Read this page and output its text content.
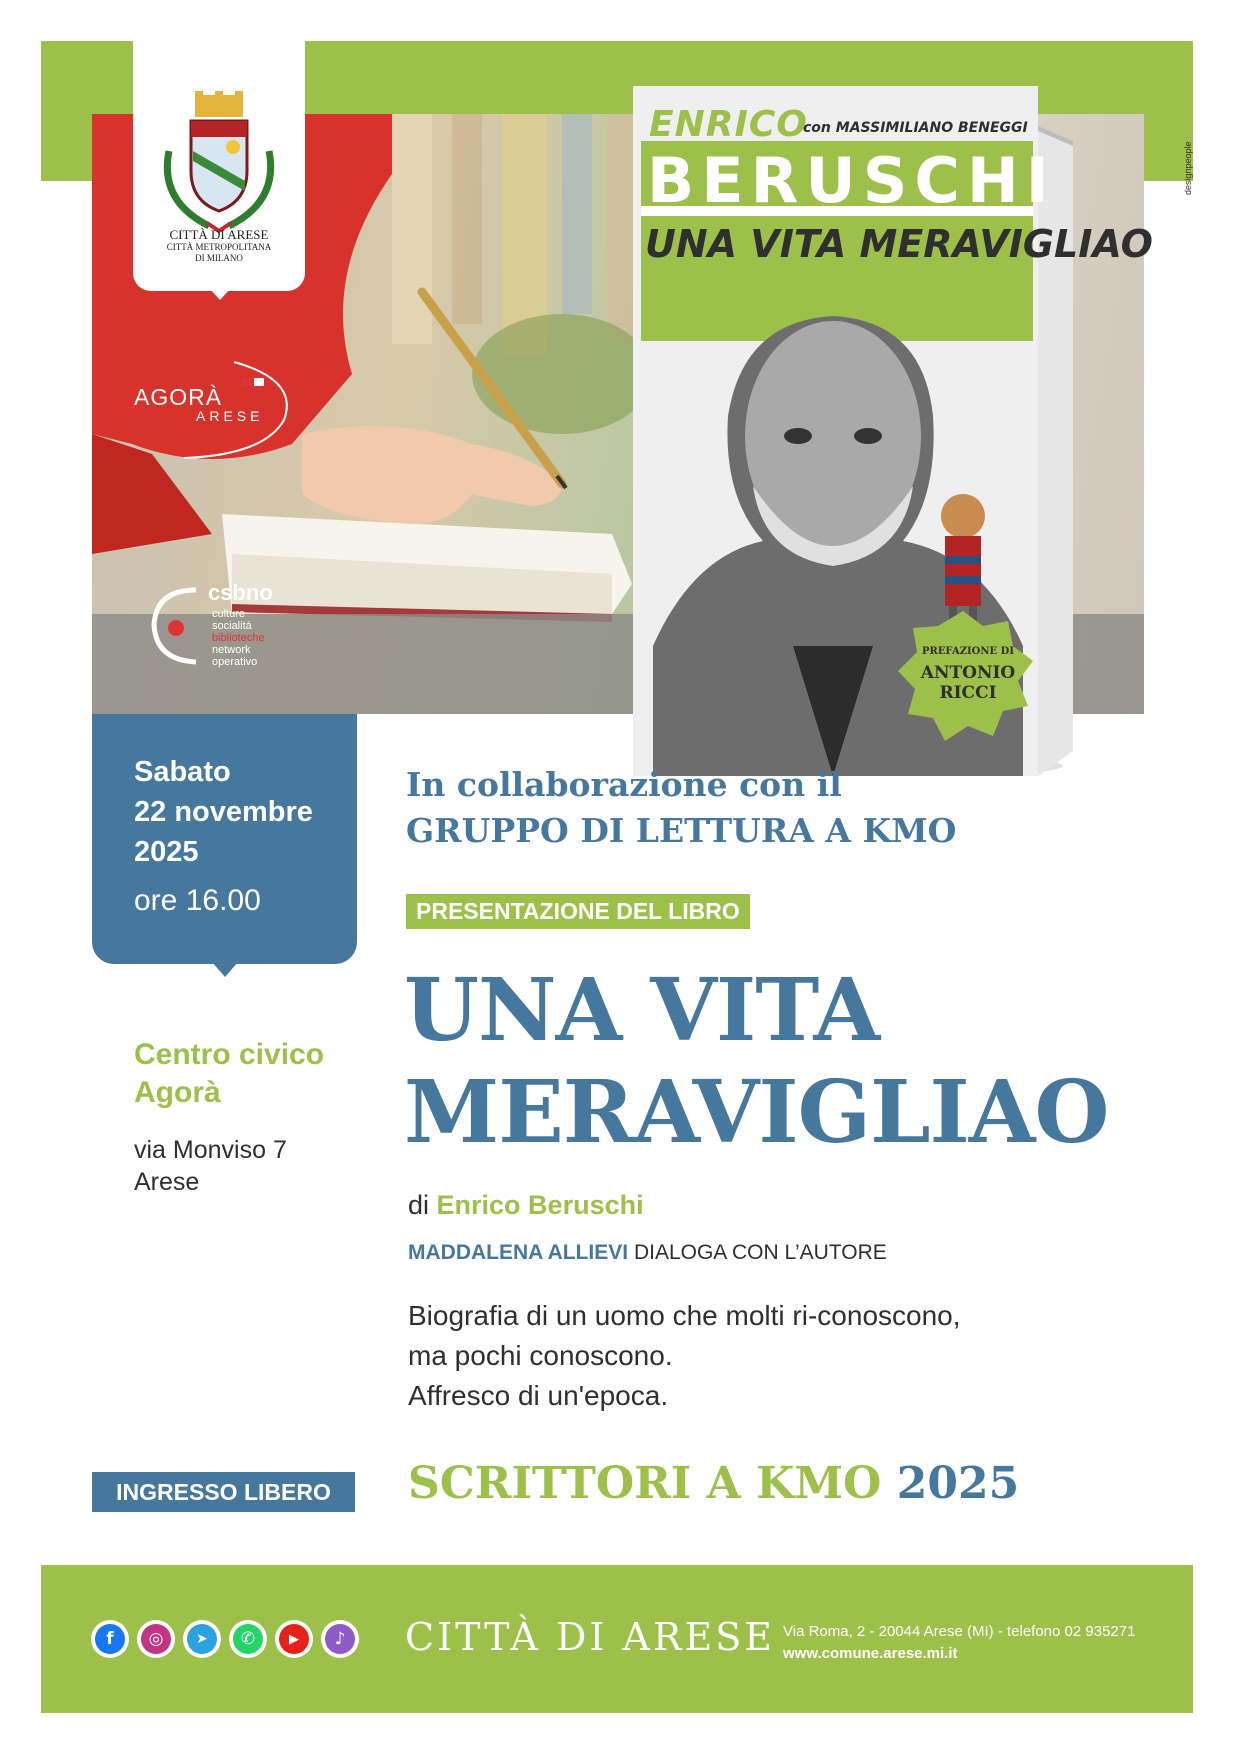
CITTÀ DI ARESE
CITTÀ METROPOLITANA
DI MILANO
designpeople
AGORÀ
ARESE
csbno
culture
socialità
biblioteche
network
operativo
ENRICO
con MASSIMILIANO BENEGGI
BERUSCHI
UNA VITA MERAVIGLIAO
PREFAZIONE DI
ANTONIO
RICCI
Sabato
22 novembre
2025
ore 16.00
Centro civico
Agorà
via Monviso 7
Arese
In collaborazione con il
GRUPPO DI LETTURA A KMO
PRESENTAZIONE DEL LIBRO
UNA VITA
MERAVIGLIAO
di Enrico Beruschi
MADDALENA ALLIEVI DIALOGA CON L’AUTORE
Biografia di un uomo che molti ri-conoscono,
ma pochi conoscono.
Affresco di un'epoca.
INGRESSO LIBERO	SCRITTORI A KMO 2025
f	◎	➤	✆	▶	♪ CITTÀ DI ARESE Via Roma, 2 - 20044 Arese (MI) - telefono 02 935271
www.comune.arese.mi.it
